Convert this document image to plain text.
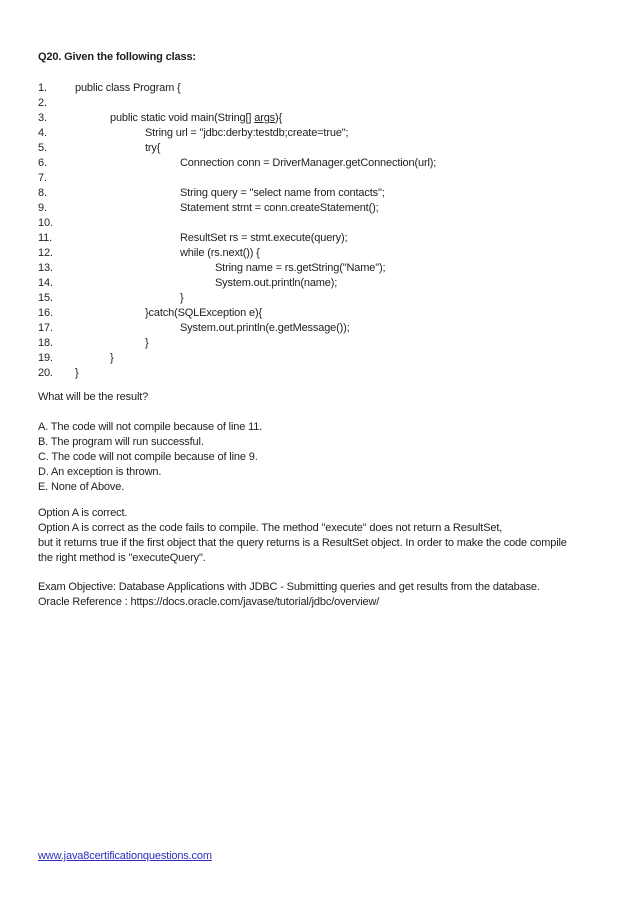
Q20. Given the following class:
1.	public class Program {
2.
3.	public static void main(String[] args){
4.	String url = "jdbc:derby:testdb;create=true";
5.	try{
6.	Connection conn = DriverManager.getConnection(url);
7.
8.	String query = "select name from contacts";
9.	Statement stmt = conn.createStatement();
10.
11.	ResultSet rs = stmt.execute(query);
12.	while (rs.next()) {
13.	String name = rs.getString("Name");
14.	System.out.println(name);
15.	}
16.	}catch(SQLException e){
17.	System.out.println(e.getMessage());
18.	}
19.	}
20. }
What will be the result?
A. The code will not compile because of line 11.
B. The program will run successful.
C. The code will not compile because of line 9.
D. An exception is thrown.
E. None of Above.
Option A is correct.
Option A is correct as the code fails to compile. The method "execute" does not return a ResultSet,
but it returns true if the first object that the query returns is a ResultSet object. In order to make the code compile
the right method is "executeQuery".
Exam Objective: Database Applications with JDBC - Submitting queries and get results from the database.
Oracle Reference : https://docs.oracle.com/javase/tutorial/jdbc/overview/
www.java8certificationquestions.com
